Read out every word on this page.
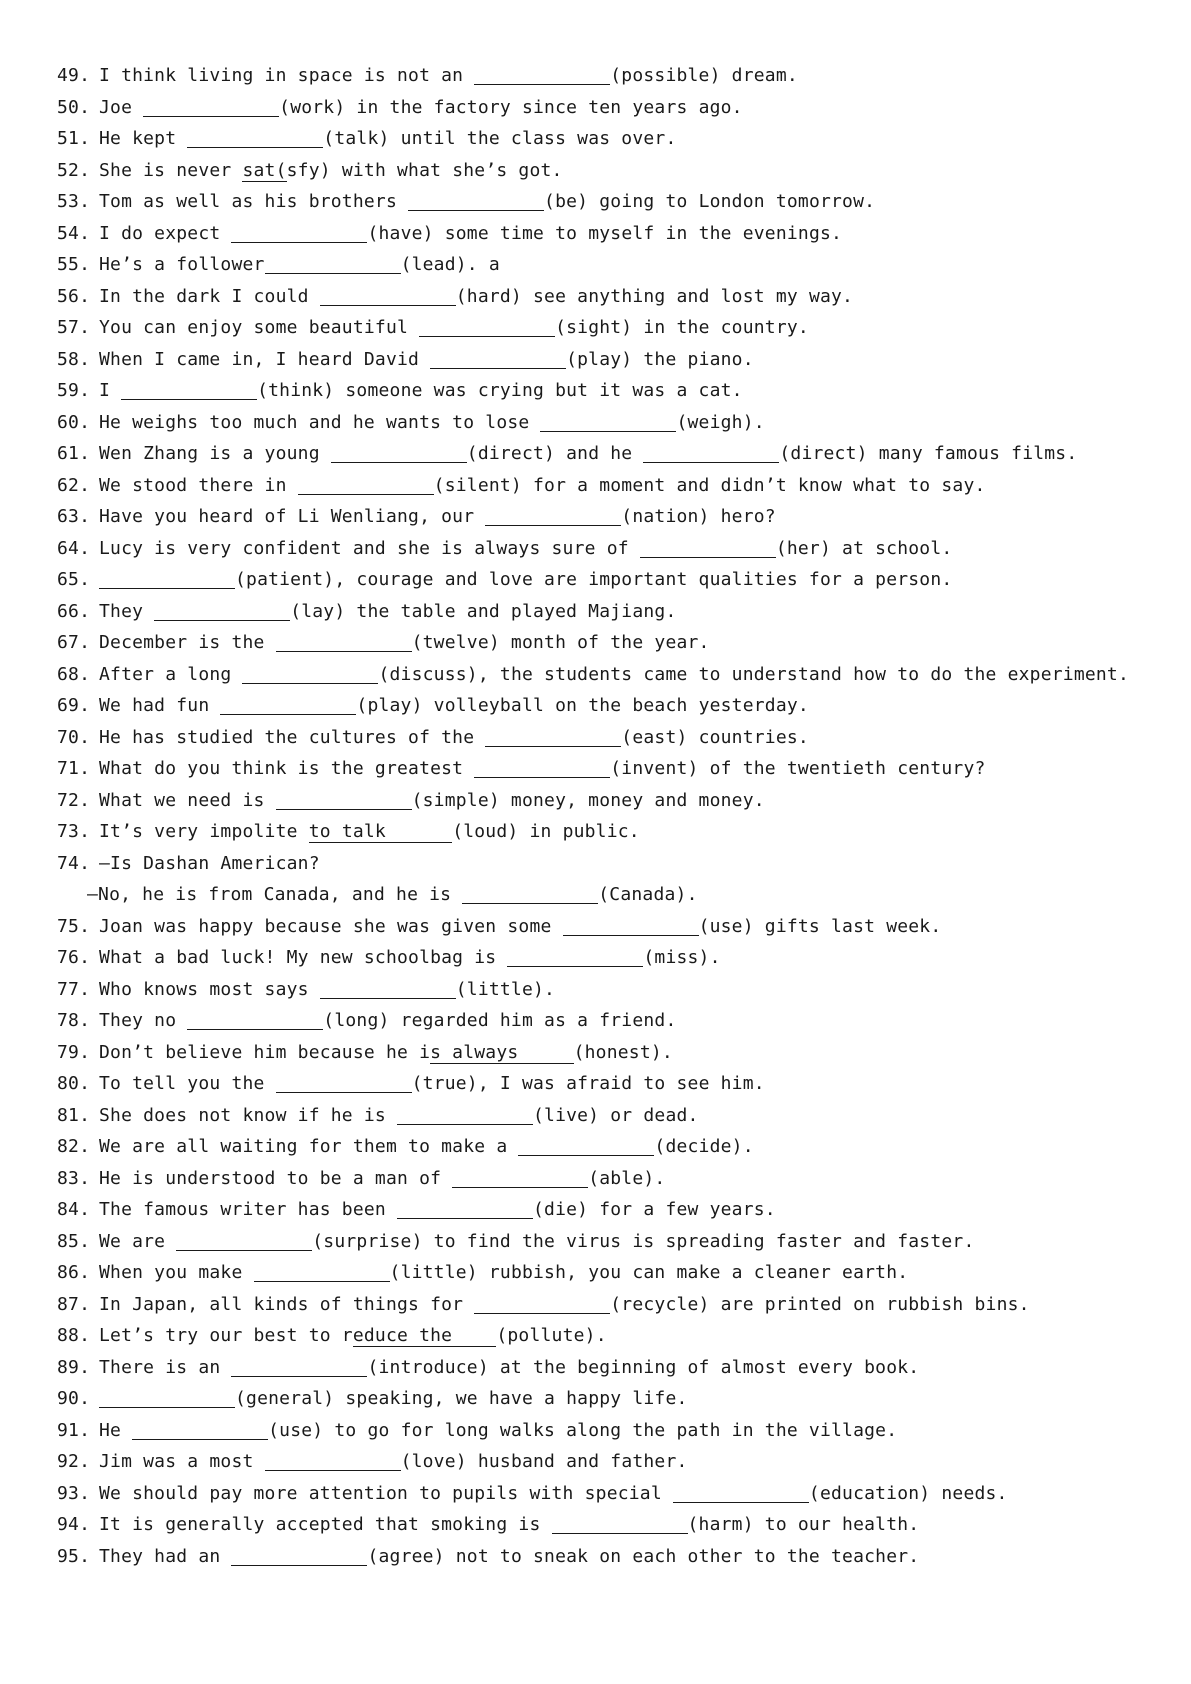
49. I think living in space is not an	(possible) dream.
50. Joe	(work) in the factory since ten years ago.
51. He kept	(talk) until the class was over.
52. She is never sat(sfy) with what she’s got.
53. Tom as well as his brothers	(be) going to London tomorrow.
54. I do expect	(have) some time to myself in the evenings.
55. He’s a follower	(lead). a
56. In the dark I could	(hard) see anything and lost my way.
57. You can enjoy some beautiful	(sight) in the country.
58. When I came in, I heard David	(play) the piano.
59. I	(think) someone was crying but it was a cat.
60. He weighs too much and he wants to lose	(weigh).
61. Wen Zhang is a young	(direct) and he	(direct) many famous films.
62. We stood there in	(silent) for a moment and didn’t know what to say.
63. Have you heard of Li Wenliang, our	(nation) hero?
64. Lucy is very confident and she is always sure of	(her) at school.
65.	(patient), courage and love are important qualities for a person.
66. They	(lay) the table and played Majiang.
67. December is the	(twelve) month of the year.
68. After a long	(discuss), the students came to understand how to do the experiment.
69. We had fun	(play) volleyball on the beach yesterday.
70. He has studied the cultures of the	(east) countries.
71. What do you think is the greatest	(invent) of the twentieth century?
72. What we need is	(simple) money, money and money.
73. It’s very impolite to talk      (loud) in public.
74. —Is Dashan American?
—No, he is from Canada, and he is	(Canada).
75. Joan was happy because she was given some	(use) gifts last week.
76. What a bad luck! My new schoolbag is	(miss).
77. Who knows most says	(little).
78. They no	(long) regarded him as a friend.
79. Don’t believe him because he is always     (honest).
80. To tell you the	(true), I was afraid to see him.
81. She does not know if he is	(live) or dead.
82. We are all waiting for them to make a	(decide).
83. He is understood to be a man of	(able).
84. The famous writer has been	(die) for a few years.
85. We are	(surprise) to find the virus is spreading faster and faster.
86. When you make	(little) rubbish, you can make a cleaner earth.
87. In Japan, all kinds of things for	(recycle) are printed on rubbish bins.
88. Let’s try our best to reduce the    (pollute).
89. There is an	(introduce) at the beginning of almost every book.
90.	(general) speaking, we have a happy life.
91. He	(use) to go for long walks along the path in the village.
92. Jim was a most	(love) husband and father.
93. We should pay more attention to pupils with special	(education) needs.
94. It is generally accepted that smoking is	(harm) to our health.
95. They had an	(agree) not to sneak on each other to the teacher.
